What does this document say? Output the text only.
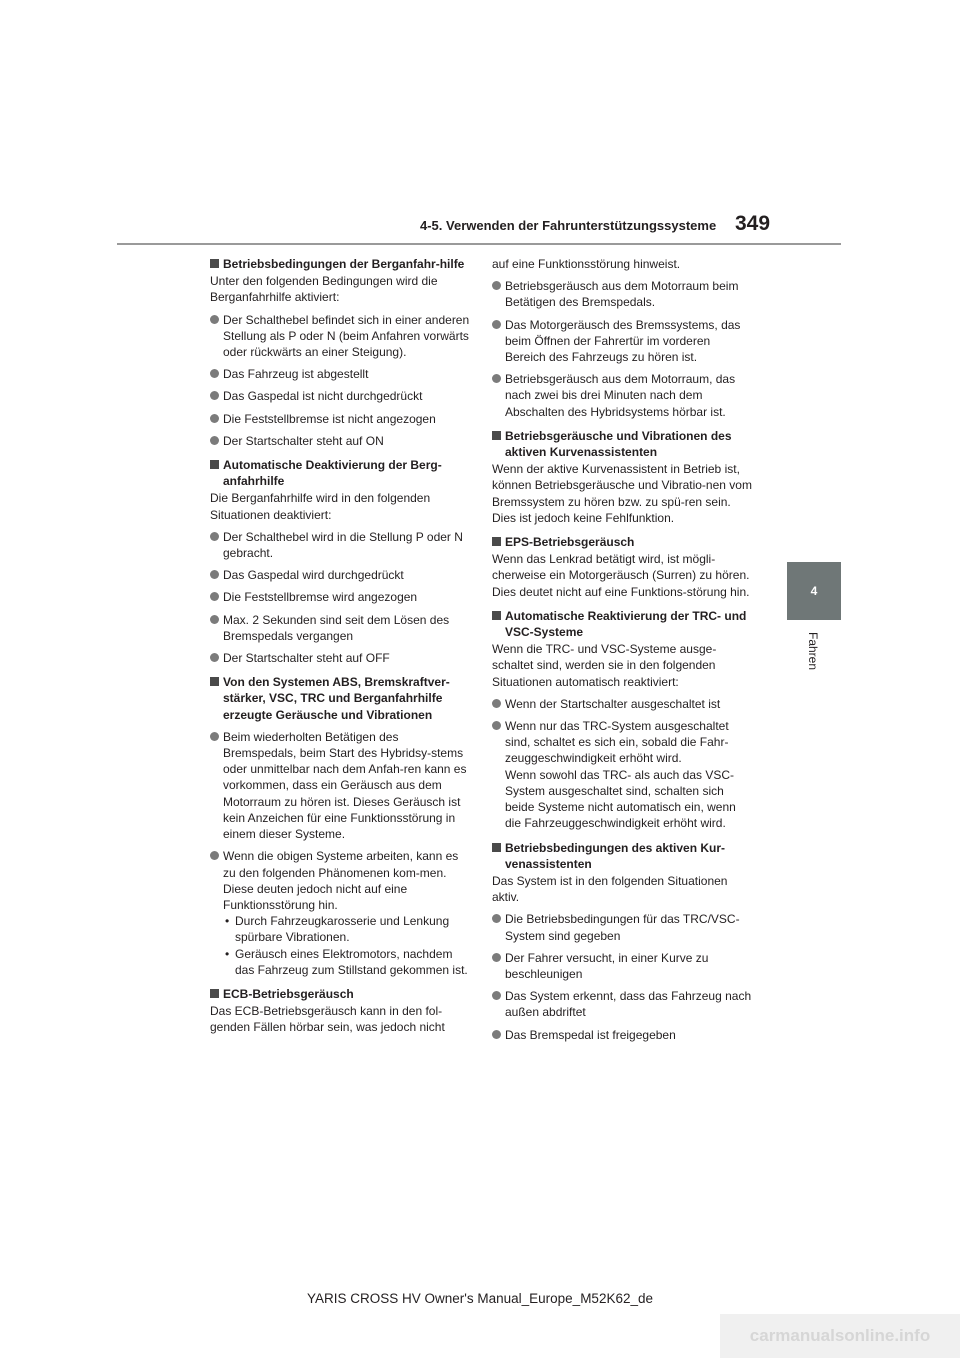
4-5. Verwenden der Fahrunterstützungssysteme 349
4
Fahren
Betriebsbedingungen der Berganfahr-hilfe
Unter den folgenden Bedingungen wird die Berganfahrhilfe aktiviert:
Der Schalthebel befindet sich in einer anderen Stellung als P oder N (beim Anfahren vorwärts oder rückwärts an einer Steigung).
Das Fahrzeug ist abgestellt
Das Gaspedal ist nicht durchgedrückt
Die Feststellbremse ist nicht angezogen
Der Startschalter steht auf ON
Automatische Deaktivierung der Berg-anfahrhilfe
Die Berganfahrhilfe wird in den folgenden Situationen deaktiviert:
Der Schalthebel wird in die Stellung P oder N gebracht.
Das Gaspedal wird durchgedrückt
Die Feststellbremse wird angezogen
Max. 2 Sekunden sind seit dem Lösen des Bremspedals vergangen
Der Startschalter steht auf OFF
Von den Systemen ABS, Bremskraftver-stärker, VSC, TRC und Berganfahrhilfe erzeugte Geräusche und Vibrationen
Beim wiederholten Betätigen des Bremspedals, beim Start des Hybridsy-stems oder unmittelbar nach dem Anfah-ren kann es vorkommen, dass ein Geräusch aus dem Motorraum zu hören ist. Dieses Geräusch ist kein Anzeichen für eine Funktionsstörung in einem dieser Systeme.
Wenn die obigen Systeme arbeiten, kann es zu den folgenden Phänomenen kom-men. Diese deuten jedoch nicht auf eine Funktionsstörung hin.
• Durch Fahrzeugkarosserie und Lenkung spürbare Vibrationen.
• Geräusch eines Elektromotors, nachdem das Fahrzeug zum Stillstand gekommen ist.
ECB-Betriebsgeräusch
Das ECB-Betriebsgeräusch kann in den fol-genden Fällen hörbar sein, was jedoch nicht
auf eine Funktionsstörung hinweist.
Betriebsgeräusch aus dem Motorraum beim Betätigen des Bremspedals.
Das Motorgeräusch des Bremssystems, das beim Öffnen der Fahrertür im vorderen Bereich des Fahrzeugs zu hören ist.
Betriebsgeräusch aus dem Motorraum, das nach zwei bis drei Minuten nach dem Abschalten des Hybridsystems hörbar ist.
Betriebsgeräusche und Vibrationen des aktiven Kurvenassistenten
Wenn der aktive Kurvenassistent in Betrieb ist, können Betriebsgeräusche und Vibratio-nen vom Bremssystem zu hören bzw. zu spü-ren sein. Dies ist jedoch keine Fehlfunktion.
EPS-Betriebsgeräusch
Wenn das Lenkrad betätigt wird, ist mögli-cherweise ein Motorgeräusch (Surren) zu hören. Dies deutet nicht auf eine Funktions-störung hin.
Automatische Reaktivierung der TRC- und VSC-Systeme
Wenn die TRC- und VSC-Systeme ausge-schaltet sind, werden sie in den folgenden Situationen automatisch reaktiviert:
Wenn der Startschalter ausgeschaltet ist
Wenn nur das TRC-System ausgeschaltet sind, schaltet es sich ein, sobald die Fahr-zeuggeschwindigkeit erhöht wird.
Wenn sowohl das TRC- als auch das VSC-System ausgeschaltet sind, schalten sich beide Systeme nicht automatisch ein, wenn die Fahrzeuggeschwindigkeit erhöht wird.
Betriebsbedingungen des aktiven Kur-venassistenten
Das System ist in den folgenden Situationen aktiv.
Die Betriebsbedingungen für das TRC/VSC-System sind gegeben
Der Fahrer versucht, in einer Kurve zu beschleunigen
Das System erkennt, dass das Fahrzeug nach außen abdriftet
Das Bremspedal ist freigegeben
YARIS CROSS HV Owner's Manual_Europe_M52K62_de
carmanualsonline.info
